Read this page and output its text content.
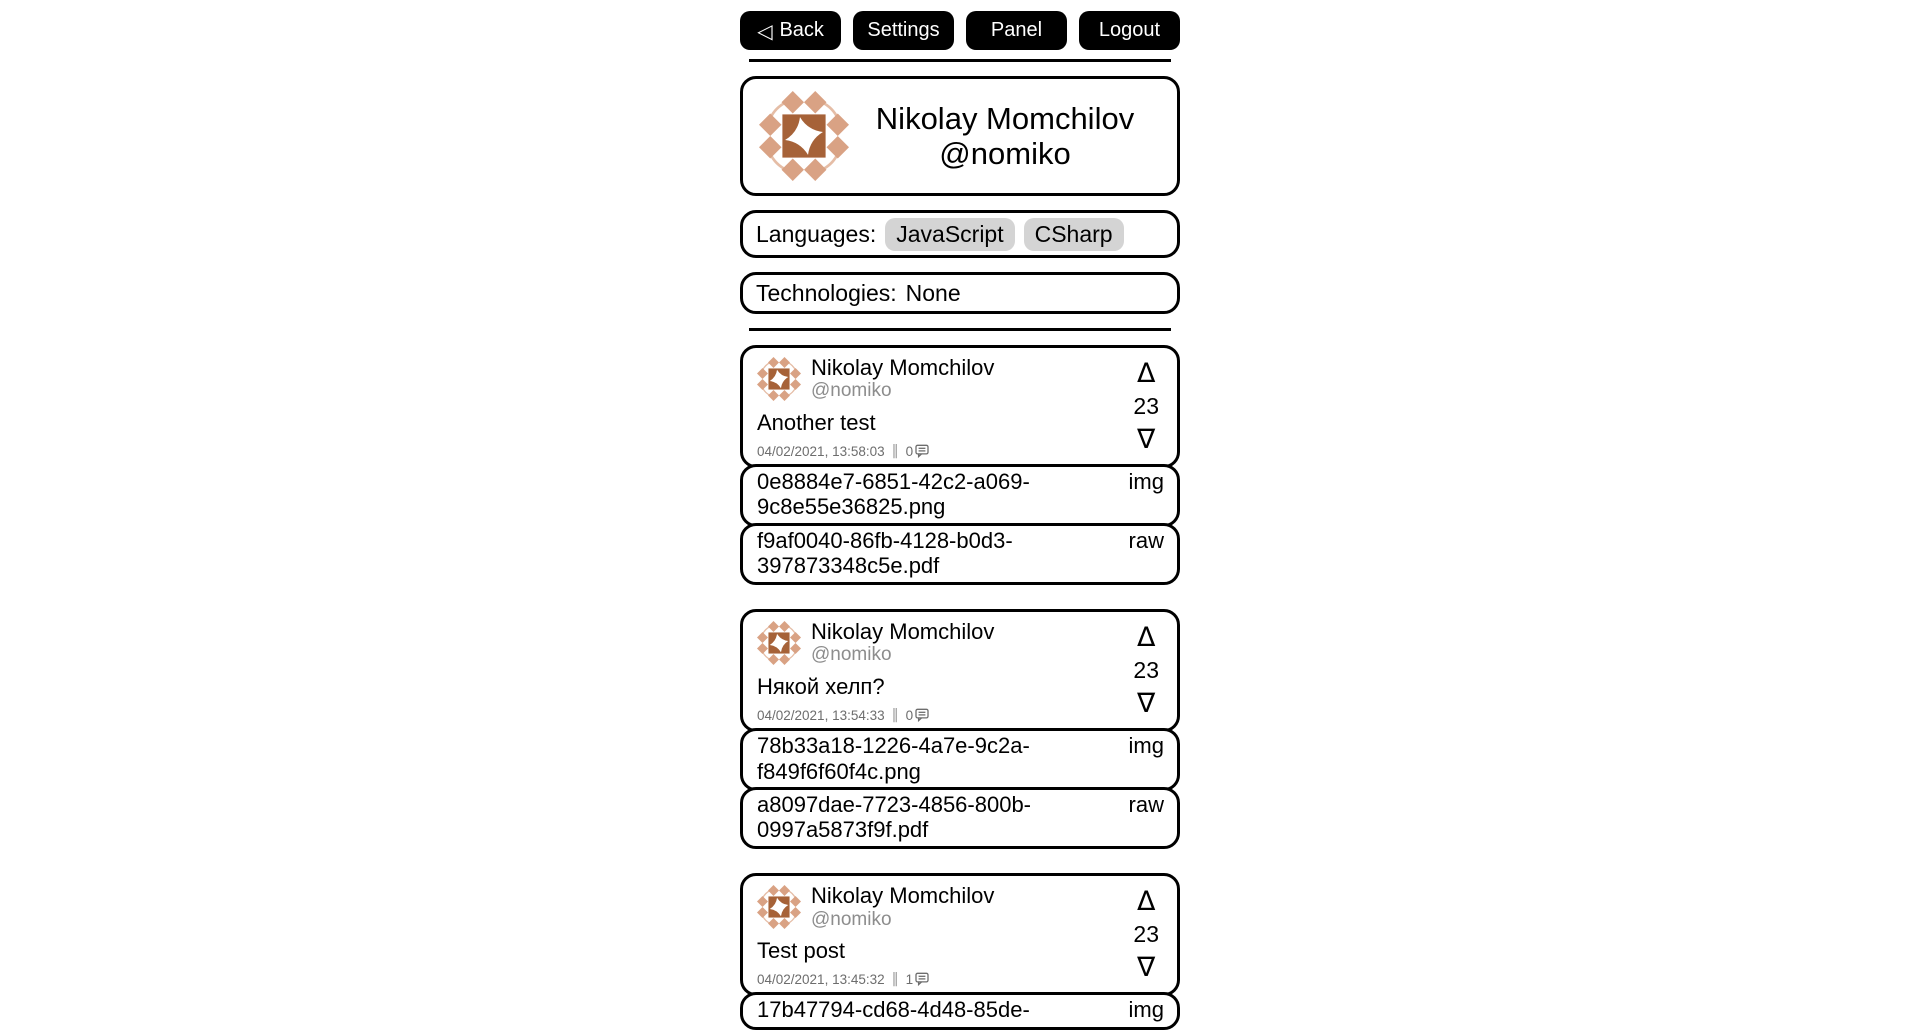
◁ Back Settings	Panel	Logout
Nikolay Momchilov
@nomiko
Languages: JavaScript	CSharp
Technologies: None
Nikolay Momchilov
@nomiko
Another test
04/02/2021, 13:58:03 ‖ 0
Δ
23
∇
0e8884e7-6851-42c2-a069-9c8e55e36825.png
img
f9af0040-86fb-4128-b0d3-397873348c5e.pdf
raw
Nikolay Momchilov
@nomiko
Някой хелп?
04/02/2021, 13:54:33 ‖ 0
Δ
23
∇
78b33a18-1226-4a7e-9c2a-f849f6f60f4c.png
img
a8097dae-7723-4856-800b-0997a5873f9f.pdf
raw
Nikolay Momchilov
@nomiko
Test post
04/02/2021, 13:45:32 ‖ 1
Δ
23
∇
17b47794-cd68-4d48-85de-	img
